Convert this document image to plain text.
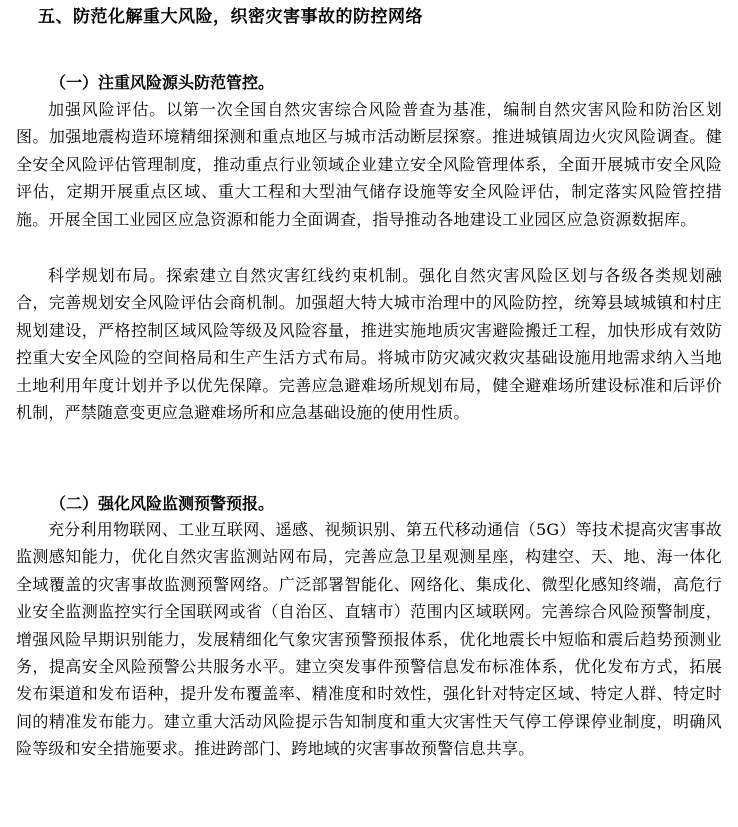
五、防范化解重大风险，织密灾害事故的防控网络
（一）注重风险源头防范管控。

加强风险评估。以第一次全国自然灾害综合风险普查为基准，编制自然灾害风险和防治区划图。加强地震构造环境精细探测和重点地区与城市活动断层探察。推进城镇周边火灾风险调查。健全安全风险评估管理制度，推动重点行业领域企业建立安全风险管理体系，全面开展城市安全风险评估，定期开展重点区域、重大工程和大型油气储存设施等安全风险评估，制定落实风险管控措施。开展全国工业园区应急资源和能力全面调查，指导推动各地建设工业园区应急资源数据库。

科学规划布局。探索建立自然灾害红线约束机制。强化自然灾害风险区划与各级各类规划融合，完善规划安全风险评估会商机制。加强超大特大城市治理中的风险防控，统筹县域城镇和村庄规划建设，严格控制区域风险等级及风险容量，推进实施地质灾害避险搬迁工程，加快形成有效防控重大安全风险的空间格局和生产生活方式布局。将城市防灾减灾救灾基础设施用地需求纳入当地土地利用年度计划并予以优先保障。完善应急避难场所规划布局，健全避难场所建设标准和后评价机制，严禁随意变更应急避难场所和应急基础设施的使用性质。

（二）强化风险监测预警预报。

充分利用物联网、工业互联网、遥感、视频识别、第五代移动通信（5G）等技术提高灾害事故监测感知能力，优化自然灾害监测站网布局，完善应急卫星观测星座，构建空、天、地、海一体化全域覆盖的灾害事故监测预警网络。广泛部署智能化、网络化、集成化、微型化感知终端，高危行业安全监测监控实行全国联网或省（自治区、直辖市）范围内区域联网。完善综合风险预警制度，增强风险早期识别能力，发展精细化气象灾害预警预报体系，优化地震长中短临和震后趋势预测业务，提高安全风险预警公共服务水平。建立突发事件预警信息发布标准体系，优化发布方式，拓展发布渠道和发布语种，提升发布覆盖率、精准度和时效性，强化针对特定区域、特定人群、特定时间的精准发布能力。建立重大活动风险提示告知制度和重大灾害性天气停工停课停业制度，明确风险等级和安全措施要求。推进跨部门、跨地域的灾害事故预警信息共享。
